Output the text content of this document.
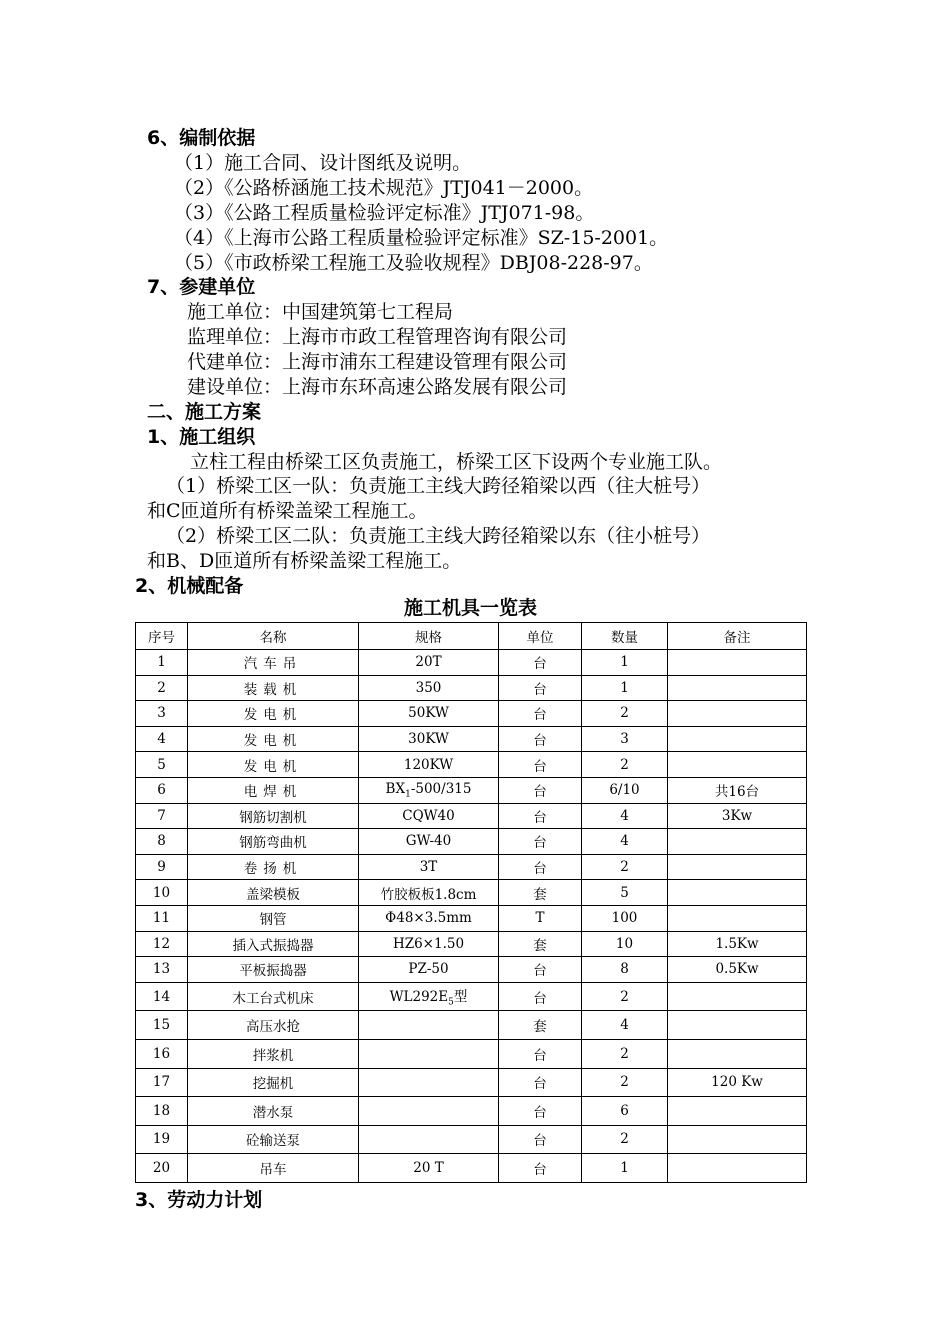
6、编制依据
（1）施工合同、设计图纸及说明。
（2）《公路桥涵施工技术规范》JTJ041－2000。
（3）《公路工程质量检验评定标准》JTJ071-98。
（4）《上海市公路工程质量检验评定标准》SZ-15-2001。
（5）《市政桥梁工程施工及验收规程》DBJ08-228-97。
7、参建单位
施工单位：中国建筑第七工程局
监理单位：上海市市政工程管理咨询有限公司
代建单位：上海市浦东工程建设管理有限公司
建设单位：上海市东环高速公路发展有限公司
二、施工方案
1、施工组织
立柱工程由桥梁工区负责施工，桥梁工区下设两个专业施工队。
（1）桥梁工区一队：负责施工主线大跨径箱梁以西（往大桩号）
和C匝道所有桥梁盖梁工程施工。
（2）桥梁工区二队：负责施工主线大跨径箱梁以东（往小桩号）
和B、D匝道所有桥梁盖梁工程施工。
2、机械配备
施工机具一览表
序号	名称	规格	单位	数量	备注
1	汽车吊	20T	台	1	
2	装载机	350	台	1	
3	发电机	50KW	台	2	
4	发电机	30KW	台	3	
5	发电机	120KW	台	2	
6	电焊机	$BX_1-500/315$	台	6/10	共16台
7	钢筋切割机	CQW40	台	4	3Kw
8	钢筋弯曲机	GW-40	台	4	
9	卷扬机	3T	台	2	
10	盖梁模板	竹胶板板1.8cm	套	5	
11	钢管	Φ48×3.5mm	T	100	
12	插入式振捣器	HZ6×1.50	套	10	1.5Kw
13	平板振捣器	PZ-50	台	8	0.5Kw
14	木工台式机床	$WL292E_5$型	台	2	
15	高压水抢		套	4	
16	拌浆机		台	2	
17	挖掘机		台	2	120 Kw
18	潜水泵		台	6	
19	砼输送泵		台	2	
20	吊车	20 T	台	1	
3、劳动力计划
